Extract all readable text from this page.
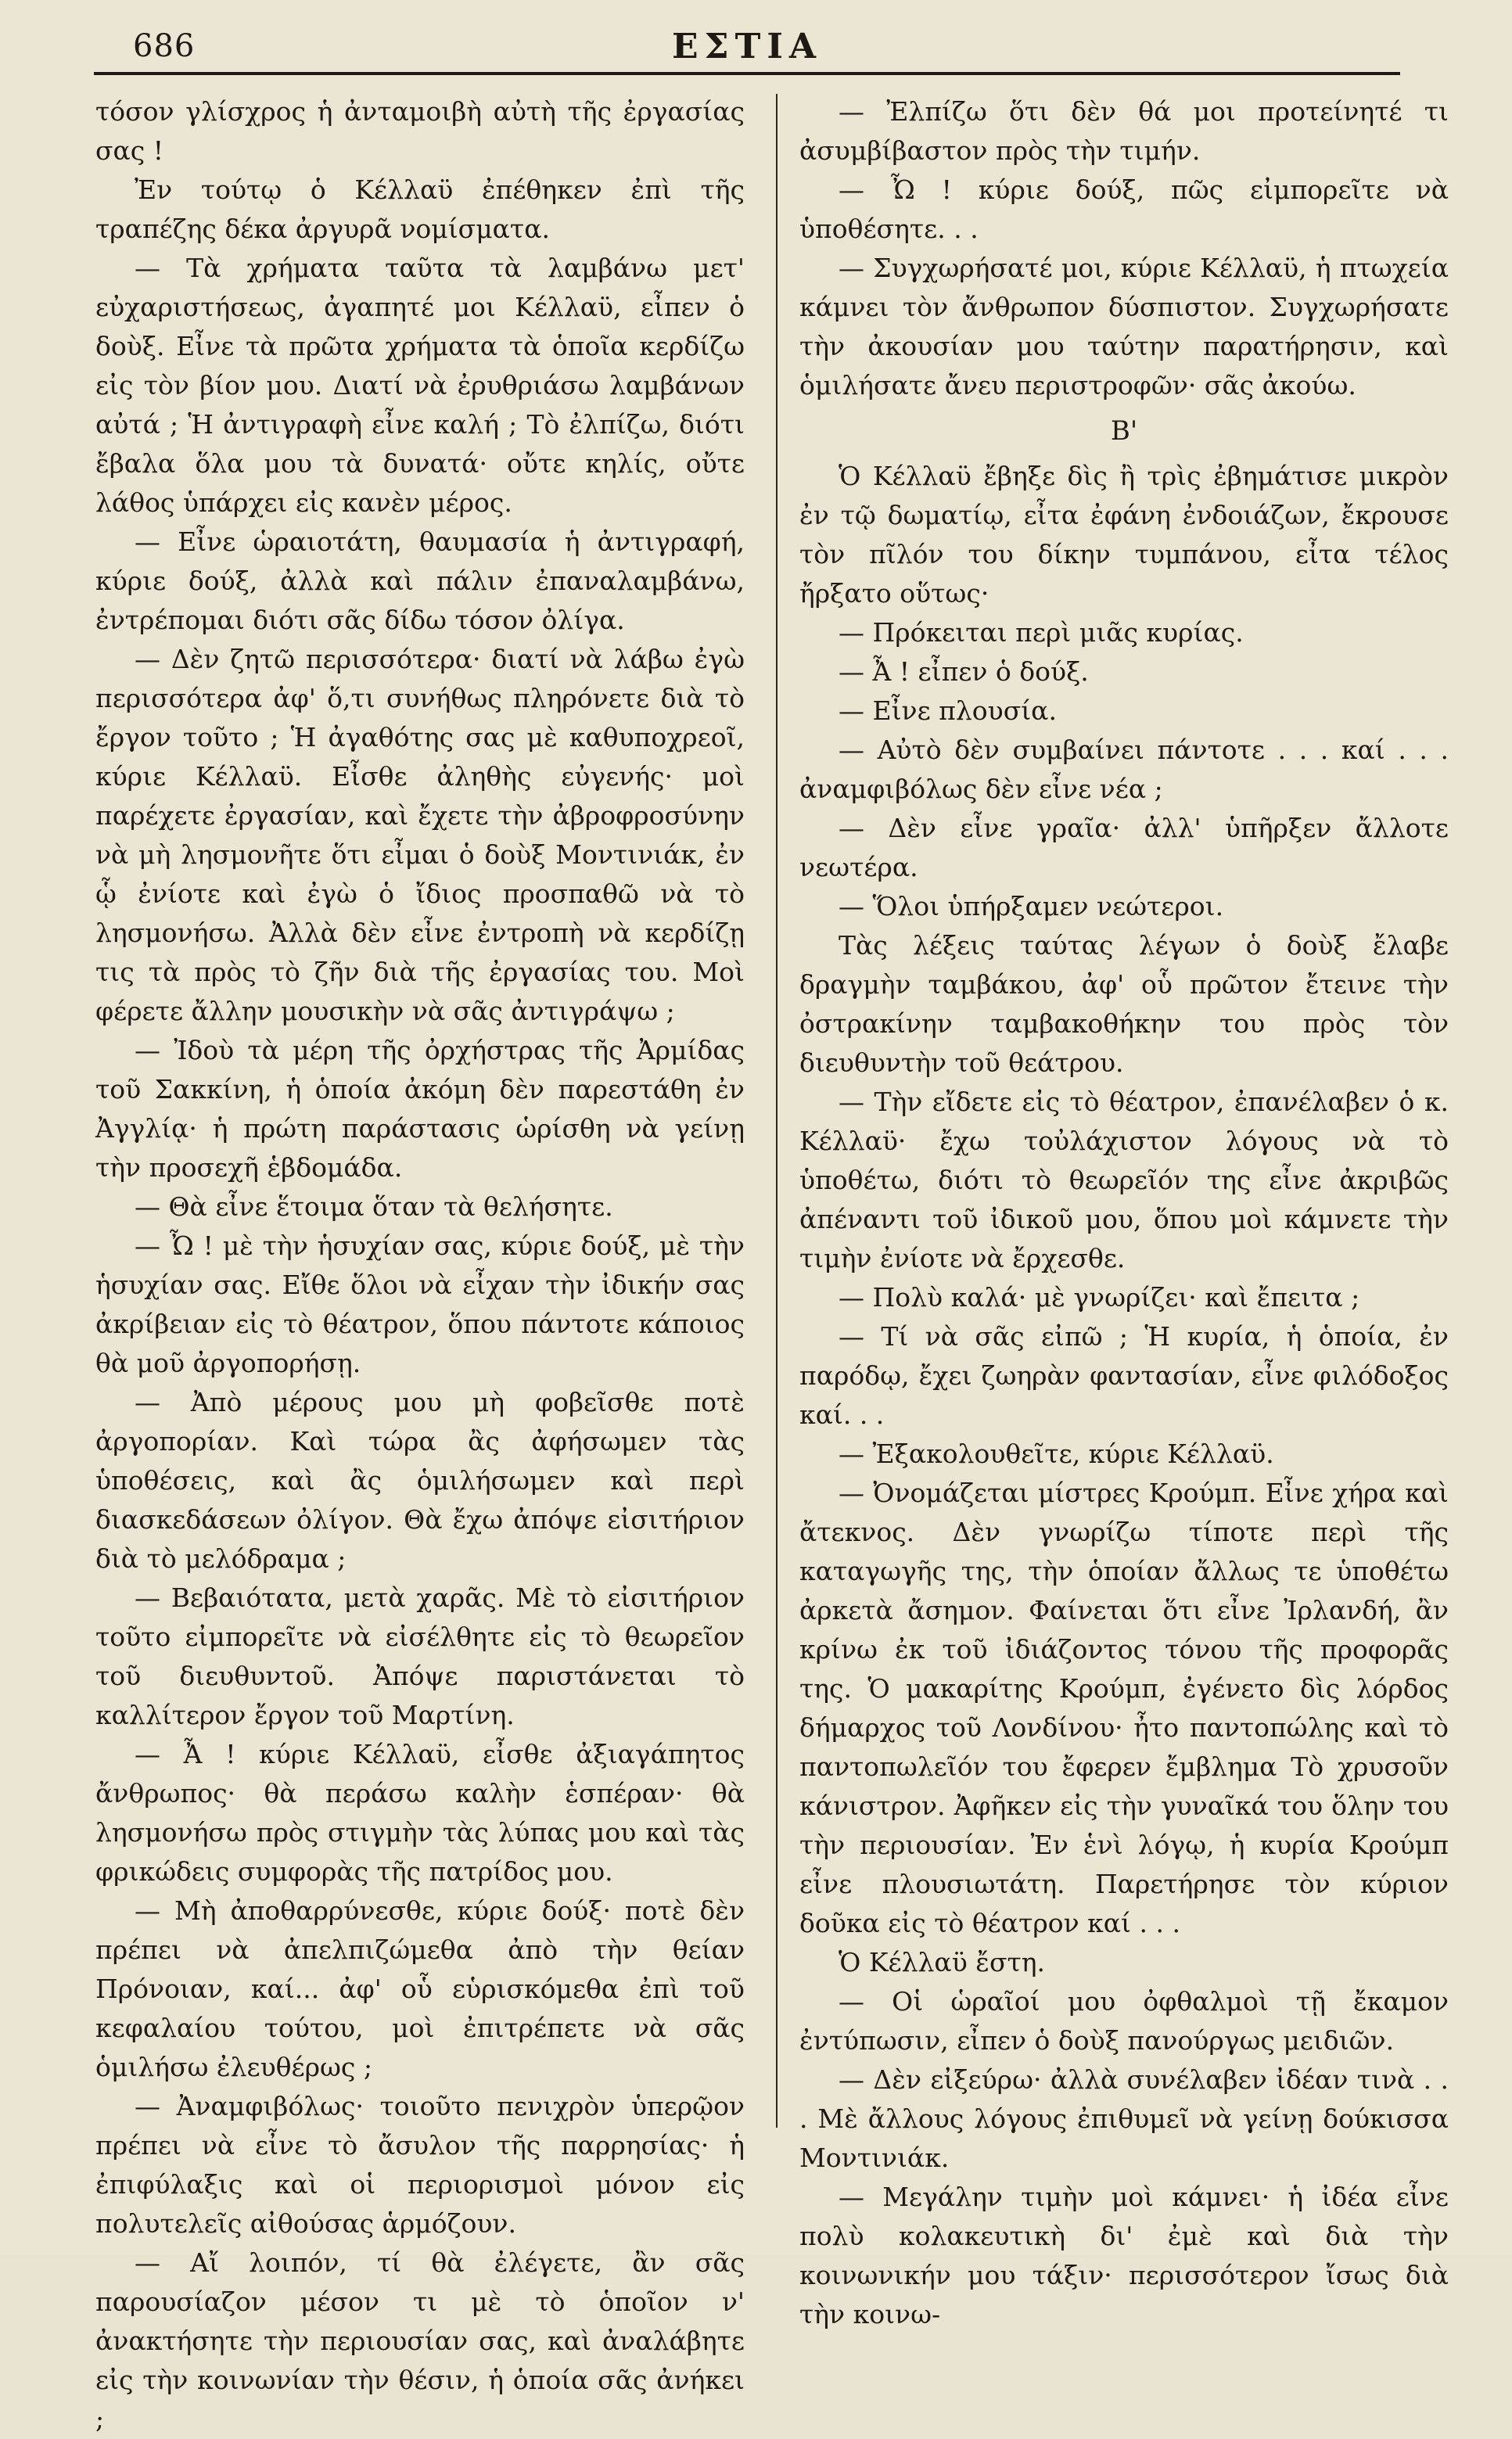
686	ΕΣΤΙΑ

τόσον γλίσχρος ἡ ἀνταμοιβὴ αὐτὴ τῆς ἐργασίας σας !

Ἐν τούτῳ ὁ Κέλλαϋ ἐπέθηκεν ἐπὶ τῆς τραπέζης δέκα ἀργυρᾶ νομίσματα.

— Τὰ χρήματα ταῦτα τὰ λαμβάνω μετ' εὐχαριστήσεως, ἀγαπητέ μοι Κέλλαϋ, εἶπεν ὁ δοὺξ. Εἶνε τὰ πρῶτα χρήματα τὰ ὁποῖα κερδίζω εἰς τὸν βίον μου. Διατί νὰ ἐρυθριάσω λαμβάνων αὐτά ; Ἡ ἀντιγραφὴ εἶνε καλή ; Τὸ ἐλπίζω, διότι ἔβαλα ὅλα μου τὰ δυνατά· οὔτε κηλίς, οὔτε λάθος ὑπάρχει εἰς κανὲν μέρος.

— Εἶνε ὡραιοτάτη, θαυμασία ἡ ἀντιγραφή, κύριε δούξ, ἀλλὰ καὶ πάλιν ἐπαναλαμβάνω, ἐντρέπομαι διότι σᾶς δίδω τόσον ὀλίγα.

— Δὲν ζητῶ περισσότερα· διατί νὰ λάβω ἐγὼ περισσότερα ἀφ' ὅ,τι συνήθως πληρόνετε διὰ τὸ ἔργον τοῦτο ; Ἡ ἀγαθότης σας μὲ καθυποχρεοῖ, κύριε Κέλλαϋ. Εἶσθε ἀληθὴς εὐγενής· μοὶ παρέχετε ἐργασίαν, καὶ ἔχετε τὴν ἀβροφροσύνην νὰ μὴ λησμονῆτε ὅτι εἶμαι ὁ δοὺξ Μοντινιάκ, ἐν ᾧ ἐνίοτε καὶ ἐγὼ ὁ ἴδιος προσπαθῶ νὰ τὸ λησμονήσω. Ἀλλὰ δὲν εἶνε ἐντροπὴ νὰ κερδίζῃ τις τὰ πρὸς τὸ ζῆν διὰ τῆς ἐργασίας του. Μοὶ φέρετε ἄλλην μουσικὴν νὰ σᾶς ἀντιγράψω ;

— Ἰδοὺ τὰ μέρη τῆς ὀρχήστρας τῆς Ἀρμίδας τοῦ Σακκίνη, ἡ ὁποία ἀκόμη δὲν παρεστάθη ἐν Ἀγγλίᾳ· ἡ πρώτη παράστασις ὡρίσθη νὰ γείνῃ τὴν προσεχῆ ἑβδομάδα.

— Θὰ εἶνε ἕτοιμα ὅταν τὰ θελήσητε.

— Ὦ ! μὲ τὴν ἡσυχίαν σας, κύριε δούξ, μὲ τὴν ἡσυχίαν σας. Εἴθε ὅλοι νὰ εἶχαν τὴν ἰδικήν σας ἀκρίβειαν εἰς τὸ θέατρον, ὅπου πάντοτε κάποιος θὰ μοῦ ἀργοπορήσῃ.

— Ἀπὸ μέρους μου μὴ φοβεῖσθε ποτὲ ἀργοπορίαν. Καὶ τώρα ἂς ἀφήσωμεν τὰς ὑποθέσεις, καὶ ἂς ὁμιλήσωμεν καὶ περὶ διασκεδάσεων ὀλίγον. Θὰ ἔχω ἀπόψε εἰσιτήριον διὰ τὸ μελόδραμα ;

— Βεβαιότατα, μετὰ χαρᾶς. Μὲ τὸ εἰσιτήριον τοῦτο εἰμπορεῖτε νὰ εἰσέλθητε εἰς τὸ θεωρεῖον τοῦ διευθυντοῦ. Ἀπόψε παριστάνεται τὸ καλλίτερον ἔργον τοῦ Μαρτίνη.

— Ἆ ! κύριε Κέλλαϋ, εἶσθε ἀξιαγάπητος ἄνθρωπος· θὰ περάσω καλὴν ἑσπέραν· θὰ λησμονήσω πρὸς στιγμὴν τὰς λύπας μου καὶ τὰς φρικώδεις συμφορὰς τῆς πατρίδος μου.

— Μὴ ἀποθαρρύνεσθε, κύριε δούξ· ποτὲ δὲν πρέπει νὰ ἀπελπιζώμεθα ἀπὸ τὴν θείαν Πρόνοιαν, καί... ἀφ' οὗ εὑρισκόμεθα ἐπὶ τοῦ κεφαλαίου τούτου, μοὶ ἐπιτρέπετε νὰ σᾶς ὁμιλήσω ἐλευθέρως ;

— Ἀναμφιβόλως· τοιοῦτο πενιχρὸν ὑπερῷον πρέπει νὰ εἶνε τὸ ἄσυλον τῆς παρρησίας· ἡ ἐπιφύλαξις καὶ οἱ περιορισμοὶ μόνον εἰς πολυτελεῖς αἰθούσας ἁρμόζουν.

— Αἴ λοιπόν, τί θὰ ἐλέγετε, ἂν σᾶς παρουσίαζον μέσον τι μὲ τὸ ὁποῖον ν' ἀνακτήσητε τὴν περιουσίαν σας, καὶ ἀναλάβητε εἰς τὴν κοινωνίαν τὴν θέσιν, ἡ ὁποία σᾶς ἀνήκει ;

— Ἐλπίζω ὅτι δὲν θά μοι προτείνητέ τι ἀσυμβίβαστον πρὸς τὴν τιμήν.

— Ὦ ! κύριε δούξ, πῶς εἰμπορεῖτε νὰ ὑποθέσητε. . .

— Συγχωρήσατέ μοι, κύριε Κέλλαϋ, ἡ πτωχεία κάμνει τὸν ἄνθρωπον δύσπιστον. Συγχωρήσατε τὴν ἀκουσίαν μου ταύτην παρατήρησιν, καὶ ὁμιλήσατε ἄνευ περιστροφῶν· σᾶς ἀκούω.

Β'

Ὁ Κέλλαϋ ἔβηξε δὶς ἢ τρὶς ἐβημάτισε μικρὸν ἐν τῷ δωματίῳ, εἶτα ἐφάνη ἐνδοιάζων, ἔκρουσε τὸν πῖλόν του δίκην τυμπάνου, εἶτα τέλος ἤρξατο οὕτως·

— Πρόκειται περὶ μιᾶς κυρίας.

— Ἆ ! εἶπεν ὁ δούξ.

— Εἶνε πλουσία.

— Αὐτὸ δὲν συμβαίνει πάντοτε . . . καί . . . ἀναμφιβόλως δὲν εἶνε νέα ;

— Δὲν εἶνε γραῖα· ἀλλ' ὑπῆρξεν ἄλλοτε νεωτέρα.

— Ὅλοι ὑπήρξαμεν νεώτεροι.

Τὰς λέξεις ταύτας λέγων ὁ δοὺξ ἔλαβε δραγμὴν ταμβάκου, ἀφ' οὗ πρῶτον ἔτεινε τὴν ὀστρακίνην ταμβακοθήκην του πρὸς τὸν διευθυντὴν τοῦ θεάτρου.

— Τὴν εἴδετε εἰς τὸ θέατρον, ἐπανέλαβεν ὁ κ. Κέλλαϋ· ἔχω τοὐλάχιστον λόγους νὰ τὸ ὑποθέτω, διότι τὸ θεωρεῖόν της εἶνε ἀκριβῶς ἀπέναντι τοῦ ἰδικοῦ μου, ὅπου μοὶ κάμνετε τὴν τιμὴν ἐνίοτε νὰ ἔρχεσθε.

— Πολὺ καλά· μὲ γνωρίζει· καὶ ἔπειτα ;

— Τί νὰ σᾶς εἰπῶ ; Ἡ κυρία, ἡ ὁποία, ἐν παρόδῳ, ἔχει ζωηρὰν φαντασίαν, εἶνε φιλόδοξος καί. . .

— Ἐξακολουθεῖτε, κύριε Κέλλαϋ.

— Ὀνομάζεται μίστρες Κρούμπ. Εἶνε χήρα καὶ ἄτεκνος. Δὲν γνωρίζω τίποτε περὶ τῆς καταγωγῆς της, τὴν ὁποίαν ἄλλως τε ὑποθέτω ἀρκετὰ ἄσημον. Φαίνεται ὅτι εἶνε Ἰρλανδή, ἂν κρίνω ἐκ τοῦ ἰδιάζοντος τόνου τῆς προφορᾶς της. Ὁ μακαρίτης Κρούμπ, ἐγένετο δὶς λόρδος δήμαρχος τοῦ Λονδίνου· ἦτο παντοπώλης καὶ τὸ παντοπωλεῖόν του ἔφερεν ἔμβλημα Τὸ χρυσοῦν κάνιστρον. Ἀφῆκεν εἰς τὴν γυναῖκά του ὅλην του τὴν περιουσίαν. Ἐν ἑνὶ λόγῳ, ἡ κυρία Κρούμπ εἶνε πλουσιωτάτη. Παρετήρησε τὸν κύριον δοῦκα εἰς τὸ θέατρον καί . . .

Ὁ Κέλλαϋ ἔστη.

— Οἱ ὡραῖοί μου ὀφθαλμοὶ τῇ ἔκαμον ἐντύπωσιν, εἶπεν ὁ δοὺξ πανούργως μειδιῶν.

— Δὲν εἰξεύρω· ἀλλὰ συνέλαβεν ἰδέαν τινὰ . . . Μὲ ἄλλους λόγους ἐπιθυμεῖ νὰ γείνῃ δούκισσα Μοντινιάκ.

— Μεγάλην τιμὴν μοὶ κάμνει· ἡ ἰδέα εἶνε πολὺ κολακευτικὴ δι' ἐμὲ καὶ διὰ τὴν κοινωνικήν μου τάξιν· περισσότερον ἴσως διὰ τὴν κοινω-
